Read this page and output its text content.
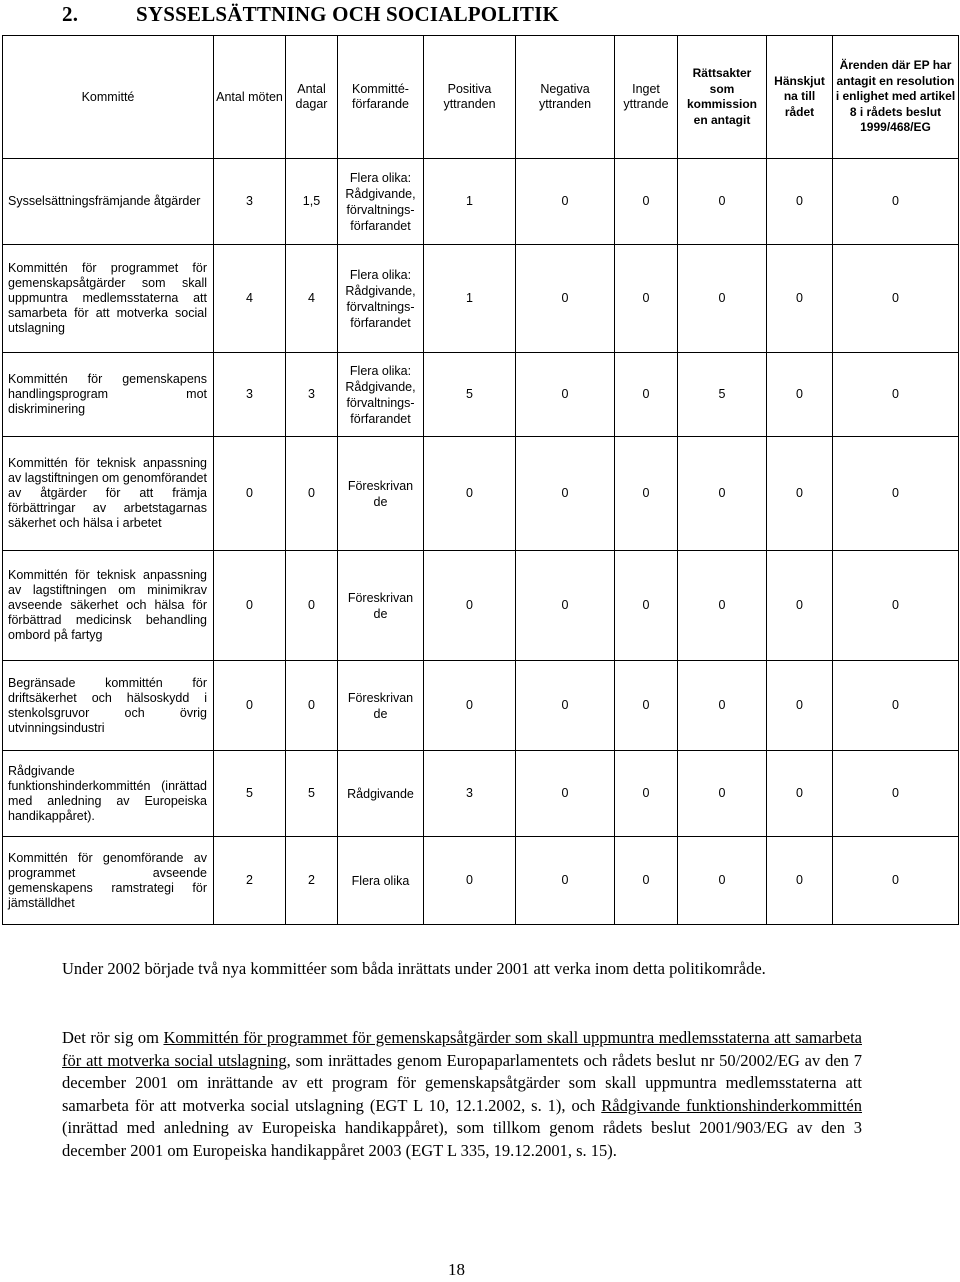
2.	SYSSELSÄTTNING OCH SOCIALPOLITIK
Kommitté	Antal möten	Antal dagar	Kommitté-förfarande	Positiva yttranden	Negativa yttranden	Inget yttrande	Rättsakter som kommission en antagit	Hänskjut na till rådet	Ärenden där EP har antagit en resolution i enlighet med artikel 8 i rådets beslut 1999/468/EG
Sysselsättningsfrämjande åtgärder	3	1,5	Flera olika: Rådgivande, förvaltnings-förfarandet	1	0	0	0	0	0
Kommittén för programmet för gemenskapsåtgärder som skall uppmuntra medlemsstaterna att samarbeta för att motverka social utslagning	4	4	Flera olika: Rådgivande, förvaltnings-förfarandet	1	0	0	0	0	0
Kommittén för gemenskapens handlingsprogram mot diskriminering	3	3	Flera olika: Rådgivande, förvaltnings-förfarandet	5	0	0	5	0	0
Kommittén för teknisk anpassning av lagstiftningen om genomförandet av åtgärder för att främja förbättringar av arbetstagarnas säkerhet och hälsa i arbetet	0	0	Föreskrivan de	0	0	0	0	0	0
Kommittén för teknisk anpassning av lagstiftningen om minimikrav avseende säkerhet och hälsa för förbättrad medicinsk behandling ombord på fartyg	0	0	Föreskrivan de	0	0	0	0	0	0
Begränsade kommittén för driftsäkerhet och hälsoskydd i stenkolsgruvor och övrig utvinningsindustri	0	0	Föreskrivan de	0	0	0	0	0	0
Rådgivande funktionshinderkommittén (inrättad med anledning av Europeiska handikappåret).	5	5	Rådgivande	3	0	0	0	0	0
Kommittén för genomförande av programmet avseende gemenskapens ramstrategi för jämställdhet	2	2	Flera olika	0	0	0	0	0	0

Under 2002 började två nya kommittéer som båda inrättats under 2001 att verka inom detta politikområde.

Det rör sig om Kommittén för programmet för gemenskapsåtgärder som skall uppmuntra medlemsstaterna att samarbeta för att motverka social utslagning, som inrättades genom Europaparlamentets och rådets beslut nr 50/2002/EG av den 7 december 2001 om inrättande av ett program för gemenskapsåtgärder som skall uppmuntra medlemsstaterna att samarbeta för att motverka social utslagning (EGT L 10, 12.1.2002, s. 1), och Rådgivande funktionshinderkommittén (inrättad med anledning av Europeiska handikappåret), som tillkom genom rådets beslut 2001/903/EG av den 3 december 2001 om Europeiska handikappåret 2003 (EGT L 335, 19.12.2001, s. 15).

18
